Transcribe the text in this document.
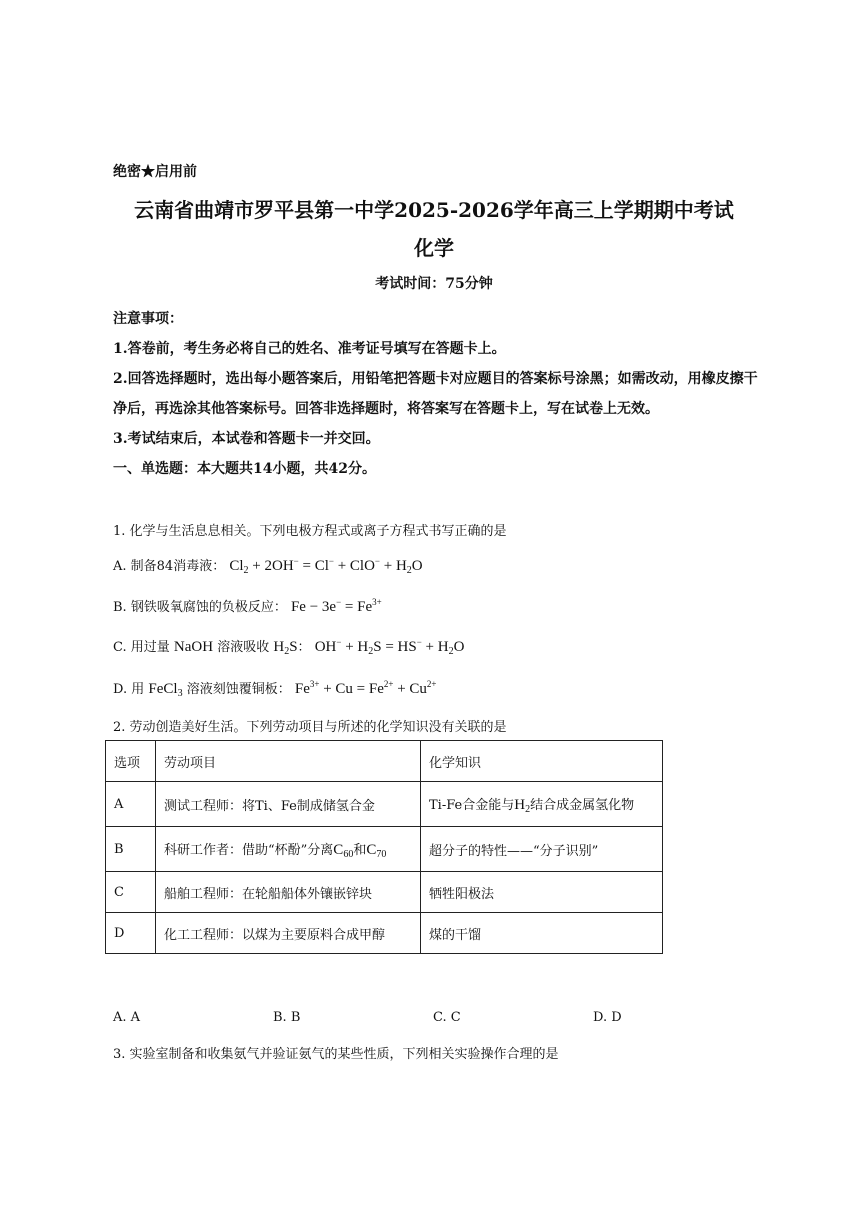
绝密★启用前
云南省曲靖市罗平县第一中学2025-2026学年高三上学期期中考试
化学
考试时间：75分钟
注意事项：
1.答卷前，考生务必将自己的姓名、准考证号填写在答题卡上。
2.回答选择题时，选出每小题答案后，用铅笔把答题卡对应题目的答案标号涂黑；如需改动，用橡皮擦干净后，再选涂其他答案标号。回答非选择题时，将答案写在答题卡上，写在试卷上无效。
3.考试结束后，本试卷和答题卡一并交回。
一、单选题：本大题共14小题，共42分。
1. 化学与生活息息相关。下列电极方程式或离子方程式书写正确的是
A. 制备84消毒液： $Cl_2 + 2OH^- = Cl^- + ClO^- + H_2O$
B. 钢铁吸氧腐蚀的负极反应： $Fe - 3e^- = Fe^{3+}$
C. 用过量 NaOH 溶液吸收 $H_2S$： $OH^- + H_2S = HS^- + H_2O$
D. 用 FeCl$_3$ 溶液刻蚀覆铜板： $Fe^{3+} + Cu = Fe^{2+} + Cu^{2+}$
2. 劳动创造美好生活。下列劳动项目与所述的化学知识没有关联的是
选项	劳动项目	化学知识
A	测试工程师：将Ti、Fe制成储氢合金	Ti-Fe合金能与$H_2$结合成金属氢化物
B	科研工作者：借助“杯酚”分离$C_{60}$和$C_{70}$	超分子的特性——“分子识别”
C	船舶工程师：在轮船船体外镶嵌锌块	牺牲阳极法
D	化工工程师：以煤为主要原料合成甲醇	煤的干馏
A. A	B. B	C. C	D. D
3. 实验室制备和收集氨气并验证氨气的某些性质，下列相关实验操作合理的是
